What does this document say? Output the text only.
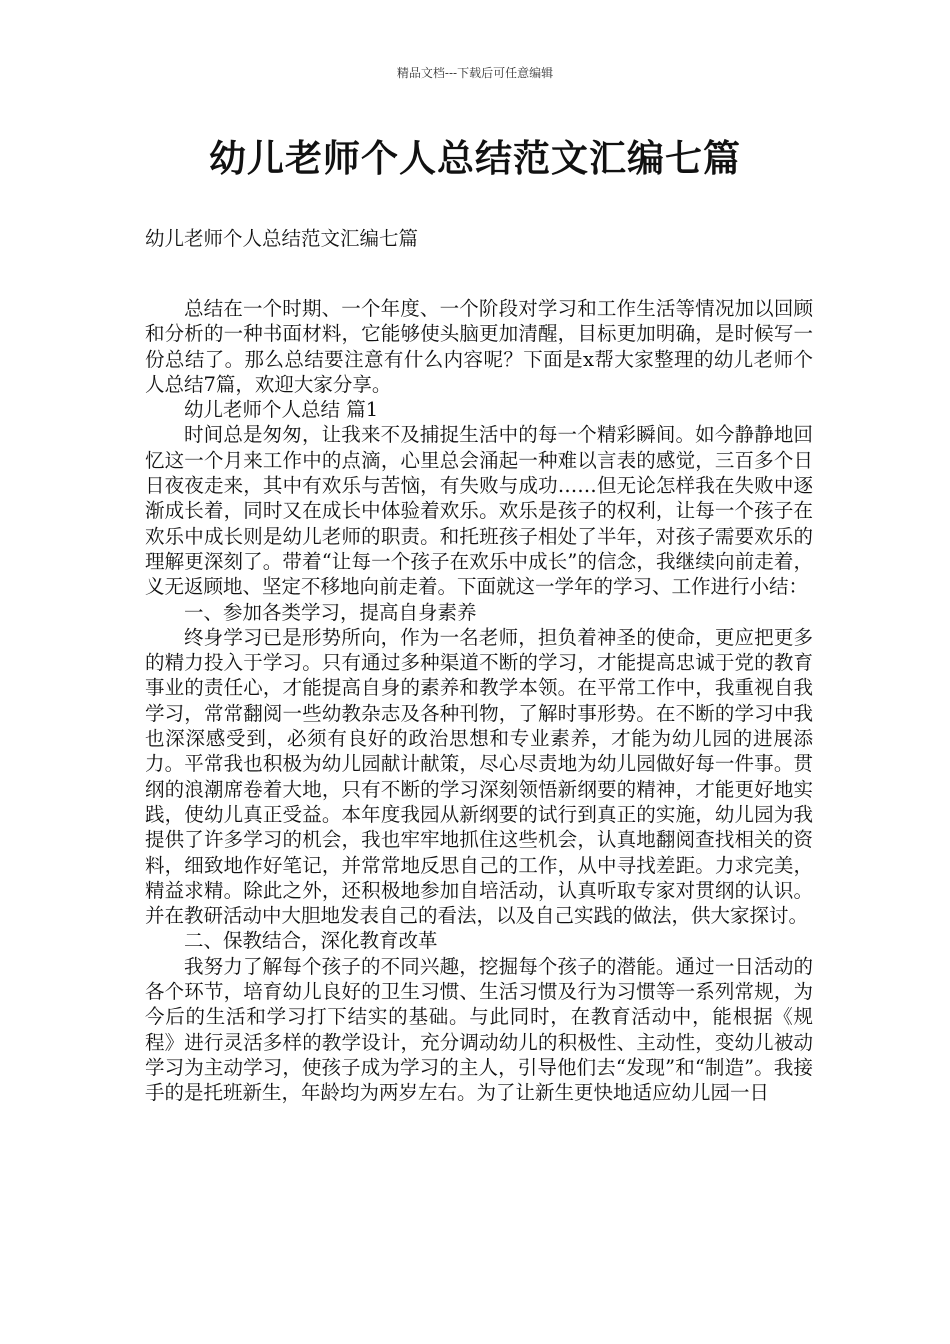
精品文档---下载后可任意编辑
幼儿老师个人总结范文汇编七篇
幼儿老师个人总结范文汇编七篇

总结在一个时期、一个年度、一个阶段对学习和工作生活等情况加以回顾和分析的一种书面材料，它能够使头脑更加清醒，目标更加明确，是时候写一份总结了。那么总结要注意有什么内容呢？下面是x帮大家整理的幼儿老师个人总结7篇，欢迎大家分享。

幼儿老师个人总结 篇1

时间总是匆匆，让我来不及捕捉生活中的每一个精彩瞬间。如今静静地回忆这一个月来工作中的点滴，心里总会涌起一种难以言表的感觉，三百多个日日夜夜走来，其中有欢乐与苦恼，有失败与成功……但无论怎样我在失败中逐渐成长着，同时又在成长中体验着欢乐。欢乐是孩子的权利，让每一个孩子在欢乐中成长则是幼儿老师的职责。和托班孩子相处了半年，对孩子需要欢乐的理解更深刻了。带着“让每一个孩子在欢乐中成长”的信念，我继续向前走着，义无返顾地、坚定不移地向前走着。下面就这一学年的学习、工作进行小结：

一、参加各类学习，提高自身素养

终身学习已是形势所向，作为一名老师，担负着神圣的使命，更应把更多的精力投入于学习。只有通过多种渠道不断的学习，才能提高忠诚于党的教育事业的责任心，才能提高自身的素养和教学本领。在平常工作中，我重视自我学习，常常翻阅一些幼教杂志及各种刊物，了解时事形势。在不断的学习中我也深深感受到，必须有良好的政治思想和专业素养，才能为幼儿园的进展添力。平常我也积极为幼儿园献计献策，尽心尽责地为幼儿园做好每一件事。贯纲的浪潮席卷着大地，只有不断的学习深刻领悟新纲要的精神，才能更好地实践，使幼儿真正受益。本年度我园从新纲要的试行到真正的实施，幼儿园为我提供了许多学习的机会，我也牢牢地抓住这些机会，认真地翻阅查找相关的资料，细致地作好笔记，并常常地反思自己的工作，从中寻找差距。力求完美，精益求精。除此之外，还积极地参加自培活动，认真听取专家对贯纲的认识。并在教研活动中大胆地发表自己的看法，以及自己实践的做法，供大家探讨。

二、保教结合，深化教育改革

我努力了解每个孩子的不同兴趣，挖掘每个孩子的潜能。通过一日活动的各个环节，培育幼儿良好的卫生习惯、生活习惯及行为习惯等一系列常规，为今后的生活和学习打下结实的基础。与此同时，在教育活动中，能根据《规程》进行灵活多样的教学设计，充分调动幼儿的积极性、主动性，变幼儿被动学习为主动学习，使孩子成为学习的主人，引导他们去“发现”和“制造”。我接手的是托班新生，年龄均为两岁左右。为了让新生更快地适应幼儿园一日
